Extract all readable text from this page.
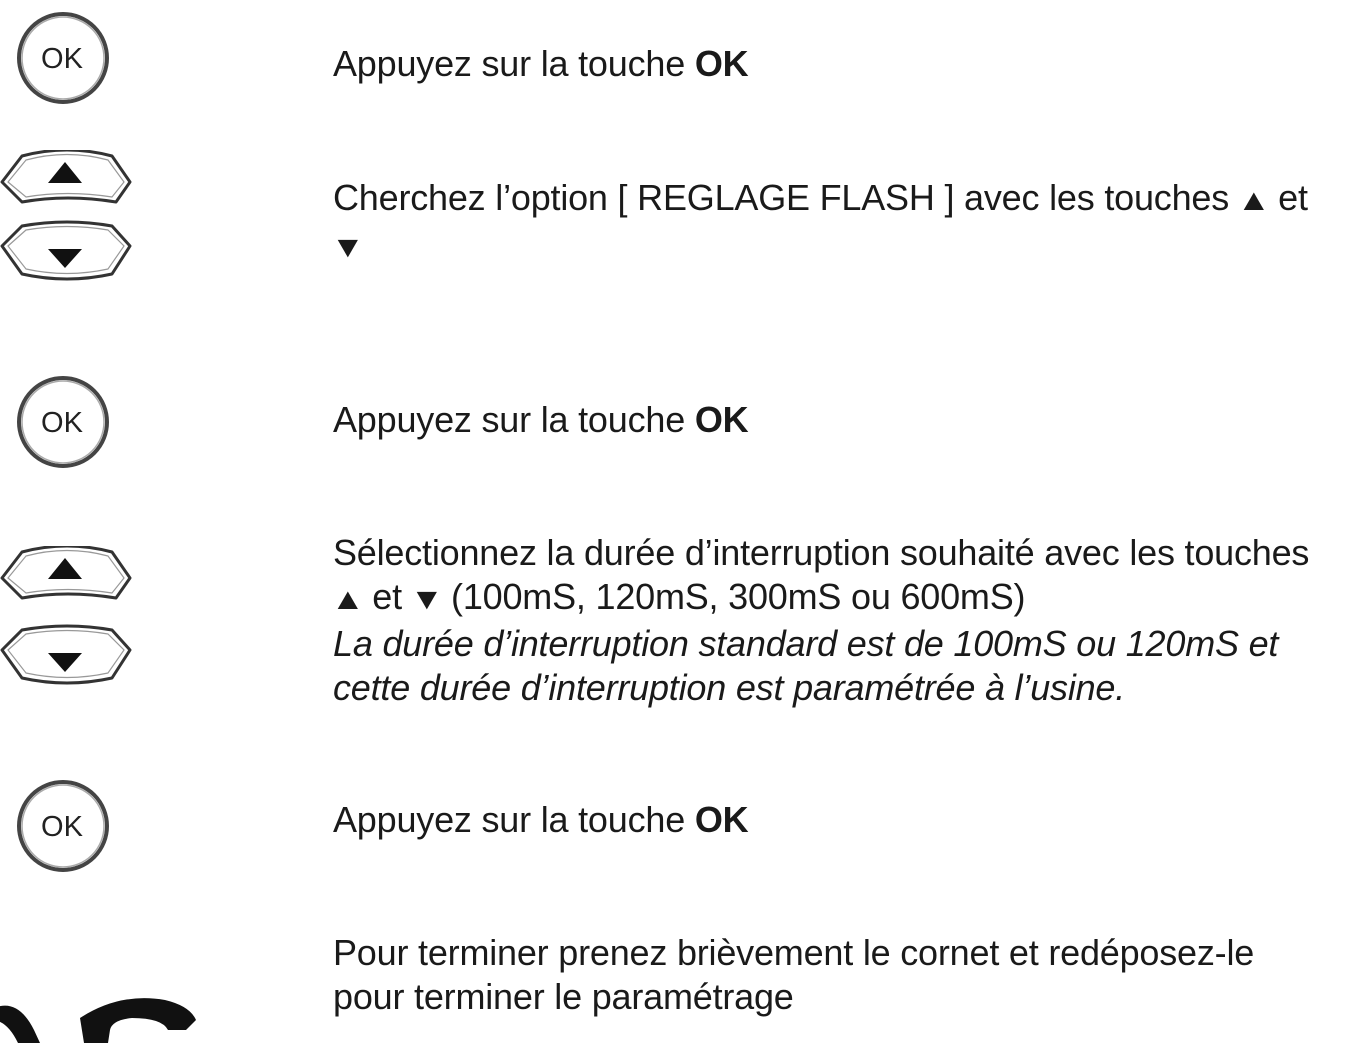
OK	Appuyez sur la touche OK
Cherchez l’option [ REGLAGE FLASH ] avec les touches ▲ et
▼
OK	Appuyez sur la touche OK
Sélectionnez la durée d’interruption souhaité avec les touches
▲ et ▼ (100mS, 120mS, 300mS ou 600mS)
La durée d’interruption standard est de 100mS ou 120mS et cette durée d’interruption est paramétrée à l’usine.
OK	Appuyez sur la touche OK
Pour terminer prenez brièvement le cornet et redéposez-le pour terminer le paramétrage
